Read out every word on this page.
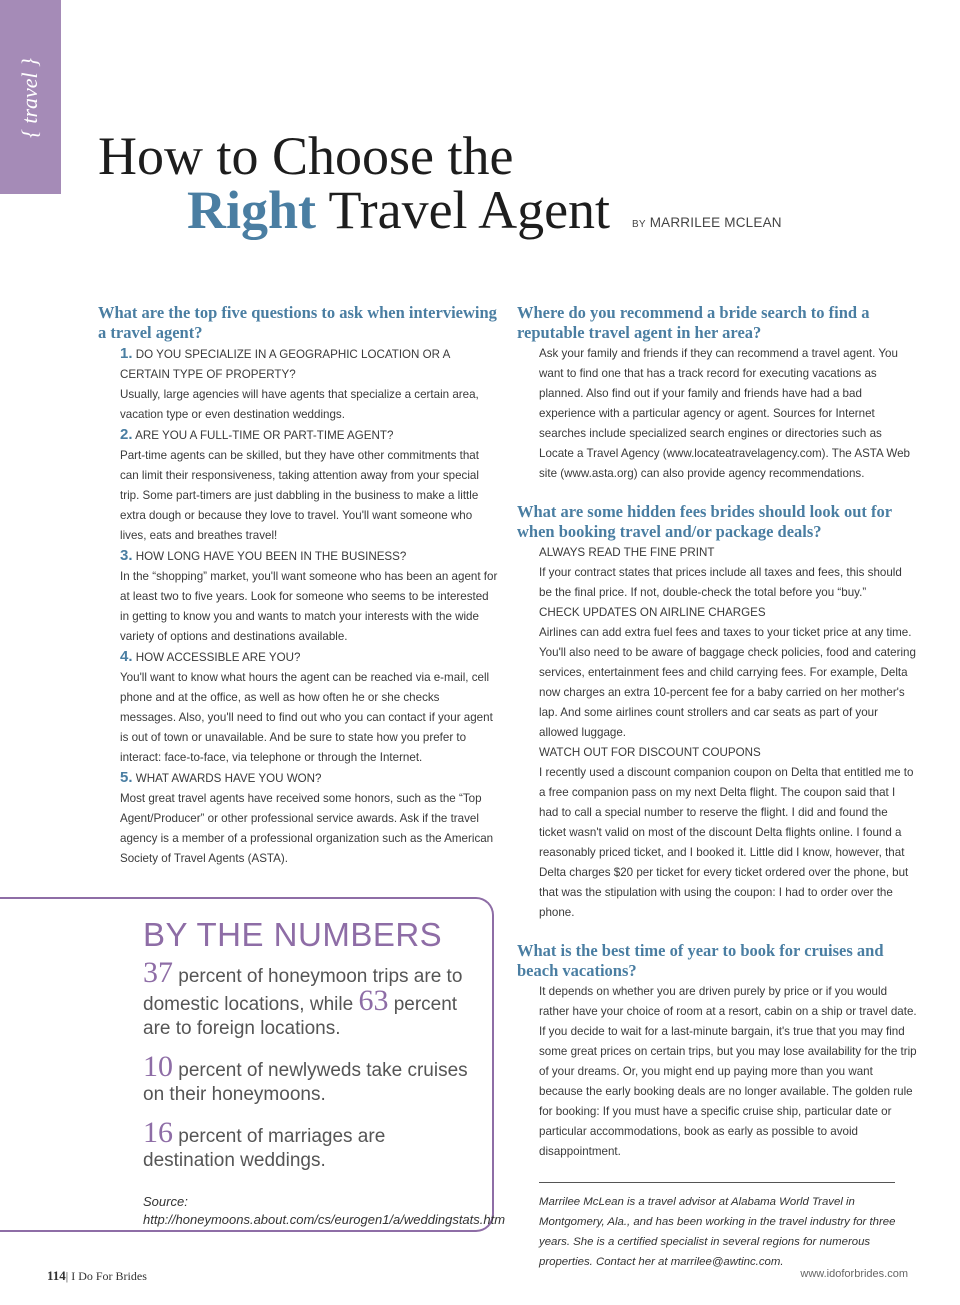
{ travel }
How to Choose the
Right Travel Agent BY MARRILEE MCLEAN
What are the top five questions to ask when interviewing a travel agent?
1. DO YOU SPECIALIZE IN A GEOGRAPHIC LOCATION OR A CERTAIN TYPE OF PROPERTY?
Usually, large agencies will have agents that specialize a certain area, vacation type or even destination weddings.
2. ARE YOU A FULL-TIME OR PART-TIME AGENT?
Part-time agents can be skilled, but they have other commitments that can limit their responsiveness, taking attention away from your special trip. Some part-timers are just dabbling in the business to make a little extra dough or because they love to travel. You'll want someone who lives, eats and breathes travel!
3. HOW LONG HAVE YOU BEEN IN THE BUSINESS?
In the “shopping” market, you'll want someone who has been an agent for at least two to five years. Look for someone who seems to be interested in getting to know you and wants to match your interests with the wide variety of options and destinations available.
4. HOW ACCESSIBLE ARE YOU?
You'll want to know what hours the agent can be reached via e-mail, cell phone and at the office, as well as how often he or she checks messages. Also, you'll need to find out who you can contact if your agent is out of town or unavailable. And be sure to state how you prefer to interact: face-to-face, via telephone or through the Internet.
5. WHAT AWARDS HAVE YOU WON?
Most great travel agents have received some honors, such as the “Top Agent/Producer” or other professional service awards. Ask if the travel agency is a member of a professional organization such as the American Society of Travel Agents (ASTA).
Where do you recommend a bride search to find a reputable travel agent in her area?
Ask your family and friends if they can recommend a travel agent. You want to find one that has a track record for executing vacations as planned. Also find out if your family and friends have had a bad experience with a particular agency or agent. Sources for Internet searches include specialized search engines or directories such as Locate a Travel Agency (www.locateatravelagency.com). The ASTA Web site (www.asta.org) can also provide agency recommendations.
What are some hidden fees brides should look out for when booking travel and/or package deals?
ALWAYS READ THE FINE PRINT
If your contract states that prices include all taxes and fees, this should be the final price. If not, double-check the total before you “buy.”
CHECK UPDATES ON AIRLINE CHARGES
Airlines can add extra fuel fees and taxes to your ticket price at any time. You'll also need to be aware of baggage check policies, food and catering services, entertainment fees and child carrying fees. For example, Delta now charges an extra 10-percent fee for a baby carried on her mother's lap. And some airlines count strollers and car seats as part of your allowed luggage.
WATCH OUT FOR DISCOUNT COUPONS
I recently used a discount companion coupon on Delta that entitled me to a free companion pass on my next Delta flight. The coupon said that I had to call a special number to reserve the flight. I did and found the ticket wasn't valid on most of the discount Delta flights online. I found a reasonably priced ticket, and I booked it. Little did I know, however, that Delta charges $20 per ticket for every ticket ordered over the phone, but that was the stipulation with using the coupon: I had to order over the phone.
What is the best time of year to book for cruises and beach vacations?
It depends on whether you are driven purely by price or if you would rather have your choice of room at a resort, cabin on a ship or travel date. If you decide to wait for a last-minute bargain, it's true that you may find some great prices on certain trips, but you may lose availability for the trip of your dreams. Or, you might end up paying more than you want because the early booking deals are no longer available. The golden rule for booking: If you must have a specific cruise ship, particular date or particular accommodations, book as early as possible to avoid disappointment.
Marrilee McLean is a travel advisor at Alabama World Travel in Montgomery, Ala., and has been working in the travel industry for three years. She is a certified specialist in several regions for numerous properties. Contact her at marrilee@awtinc.com.
BY THE NUMBERS
37 percent of honeymoon trips are to domestic locations, while 63 percent are to foreign locations.
10 percent of newlyweds take cruises on their honeymoons.
16 percent of marriages are destination weddings.
Source: http://honeymoons.about.com/cs/eurogen1/a/weddingstats.htm
114| I Do For Brides	www.idoforbrides.com
